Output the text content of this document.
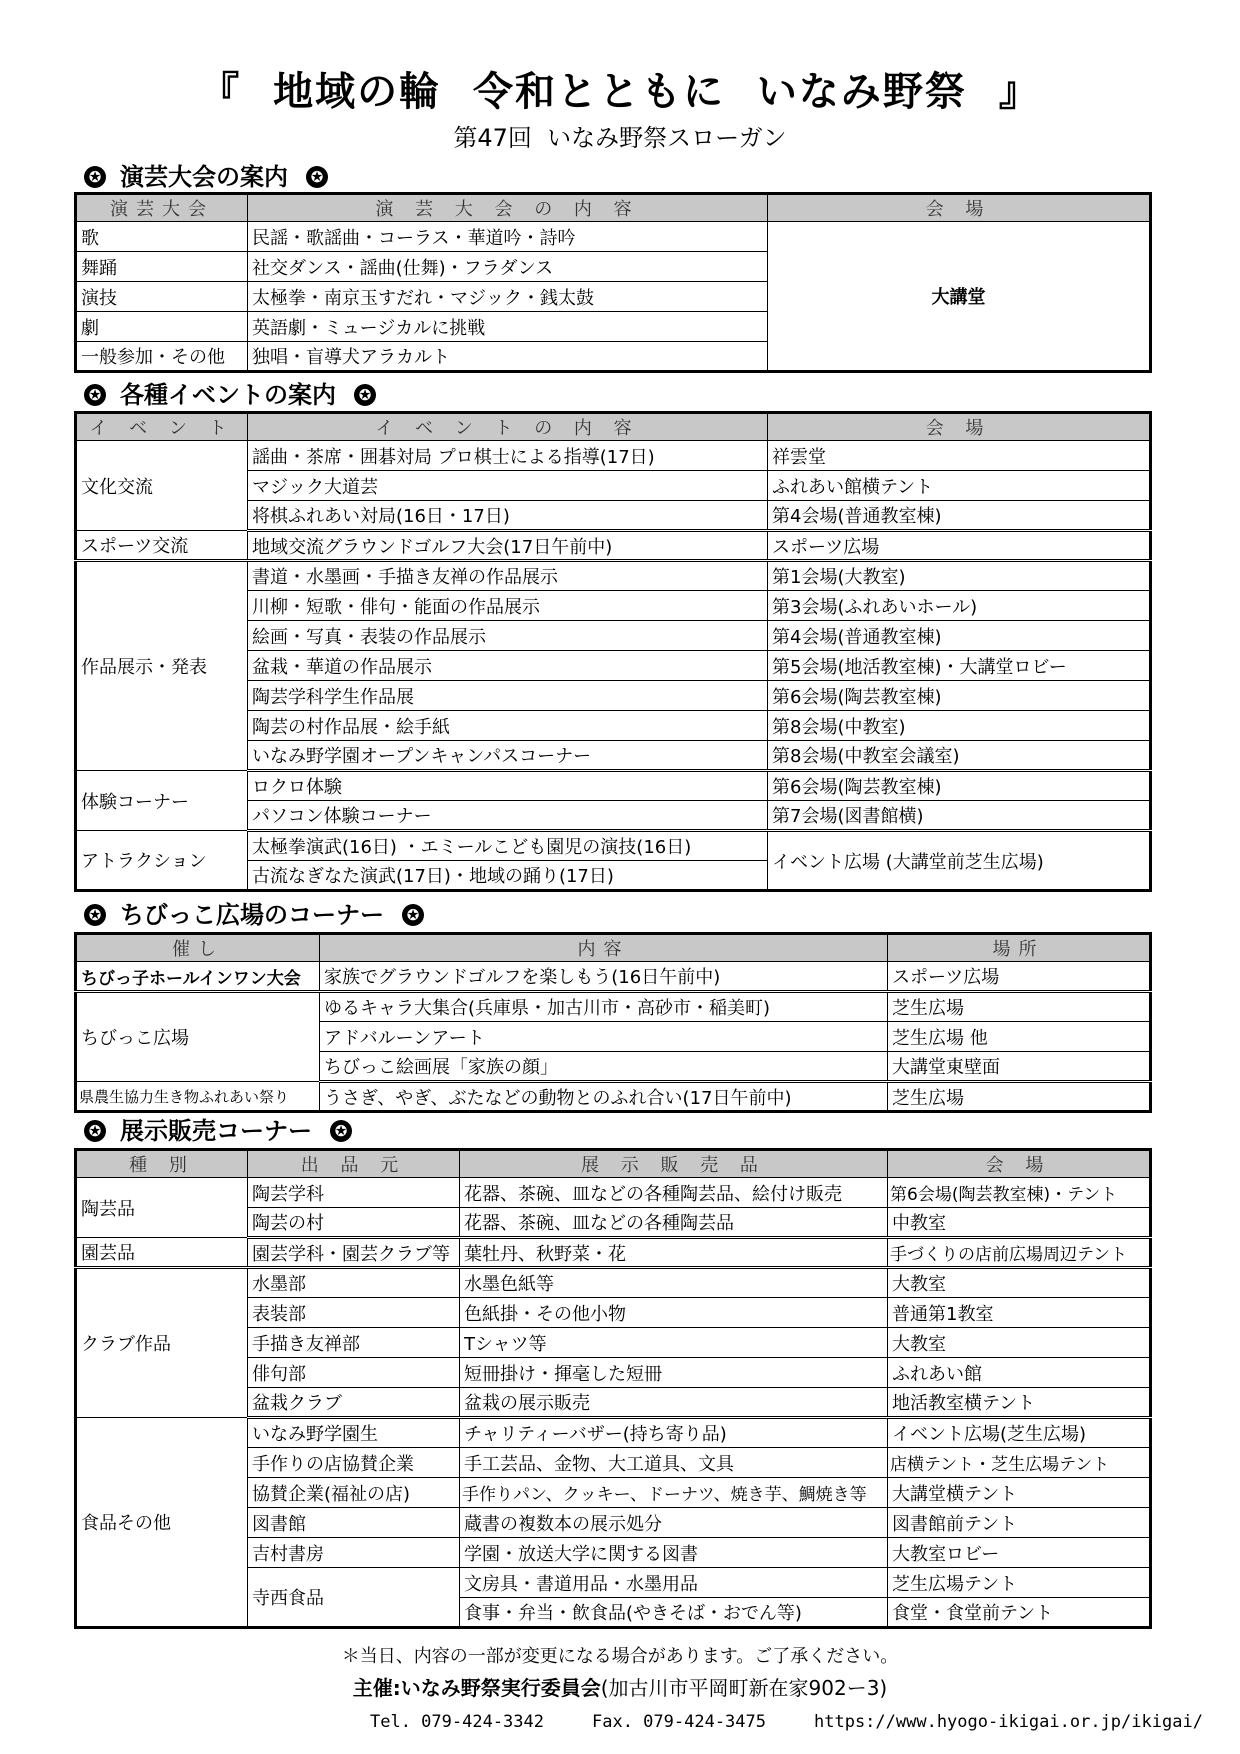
『  地域の輪  令和とともに  いなみ野祭  』
第47回  いなみ野祭スローガン
✪ 演芸大会の案内	✪
演芸大会	演 芸 大 会 の 内 容	会 場
歌	民謡・歌謡曲・コーラス・華道吟・詩吟	大講堂
舞踊	社交ダンス・謡曲(仕舞)・フラダンス	
演技	太極拳・南京玉すだれ・マジック・銭太鼓	
劇	英語劇・ミュージカルに挑戦	
一般参加・その他	独唱・盲導犬アラカルト	
✪ 各種イベントの案内	✪
イ ベ ン ト	イ ベ ン ト の 内 容	会 場
文化交流	謡曲・茶席・囲碁対局 プロ棋士による指導(17日)	祥雲堂
	マジック大道芸	ふれあい館横テント
	将棋ふれあい対局(16日・17日)	第4会場(普通教室棟)
スポーツ交流	地域交流グラウンドゴルフ大会(17日午前中)	スポーツ広場
作品展示・発表	書道・水墨画・手描き友禅の作品展示	第1会場(大教室)
	川柳・短歌・俳句・能面の作品展示	第3会場(ふれあいホール)
	絵画・写真・表装の作品展示	第4会場(普通教室棟)
	盆栽・華道の作品展示	第5会場(地活教室棟)・大講堂ロビー
	陶芸学科学生作品展	第6会場(陶芸教室棟)
	陶芸の村作品展・絵手紙	第8会場(中教室)
	いなみ野学園オープンキャンパスコーナー	第8会場(中教室会議室)
体験コーナー	ロクロ体験	第6会場(陶芸教室棟)
	パソコン体験コーナー	第7会場(図書館横)
アトラクション	太極拳演武(16日) ・エミールこども園児の演技(16日)	イベント広場 (大講堂前芝生広場)
	古流なぎなた演武(17日)・地域の踊り(17日)	
✪ ちびっこ広場のコーナー	✪
催し	内容	場所
ちびっ子ホールインワン大会	家族でグラウンドゴルフを楽しもう(16日午前中)	スポーツ広場
ちびっこ広場	ゆるキャラ大集合(兵庫県・加古川市・高砂市・稲美町)	芝生広場
	アドバルーンアート	芝生広場 他
	ちびっこ絵画展「家族の顔」	大講堂東壁面
県農生協力生き物ふれあい祭り	うさぎ、やぎ、ぶたなどの動物とのふれ合い(17日午前中)	芝生広場
✪ 展示販売コーナー	✪
種 別	出 品 元	展 示 販 売 品	会 場
陶芸品	陶芸学科	花器、茶碗、皿などの各種陶芸品、絵付け販売	第6会場(陶芸教室棟)・テント
	陶芸の村	花器、茶碗、皿などの各種陶芸品	中教室
園芸品	園芸学科・園芸クラブ等	葉牡丹、秋野菜・花	手づくりの店前広場周辺テント
クラブ作品	水墨部	水墨色紙等	大教室
	表装部	色紙掛・その他小物	普通第1教室
	手描き友禅部	Tシャツ等	大教室
	俳句部	短冊掛け・揮毫した短冊	ふれあい館
	盆栽クラブ	盆栽の展示販売	地活教室横テント
食品その他	いなみ野学園生	チャリティーバザー(持ち寄り品)	イベント広場(芝生広場)
	手作りの店協賛企業	手工芸品、金物、大工道具、文具	店横テント・芝生広場テント
	協賛企業(福祉の店)	手作りパン、クッキー、ドーナツ、焼き芋、鯛焼き等	大講堂横テント
	図書館	蔵書の複数本の展示処分	図書館前テント
	吉村書房	学園・放送大学に関する図書	大教室ロビー
	寺西食品	文房具・書道用品・水墨用品	芝生広場テント
		食事・弁当・飲食品(やきそば・おでん等)	食堂・食堂前テント
＊当日、内容の一部が変更になる場合があります。ご了承ください。
主催:いなみ野祭実行委員会(加古川市平岡町新在家902ー3)
Tel. 079-424-3342	Fax. 079-424-3475	https://www.hyogo-ikigai.or.jp/ikigai/
